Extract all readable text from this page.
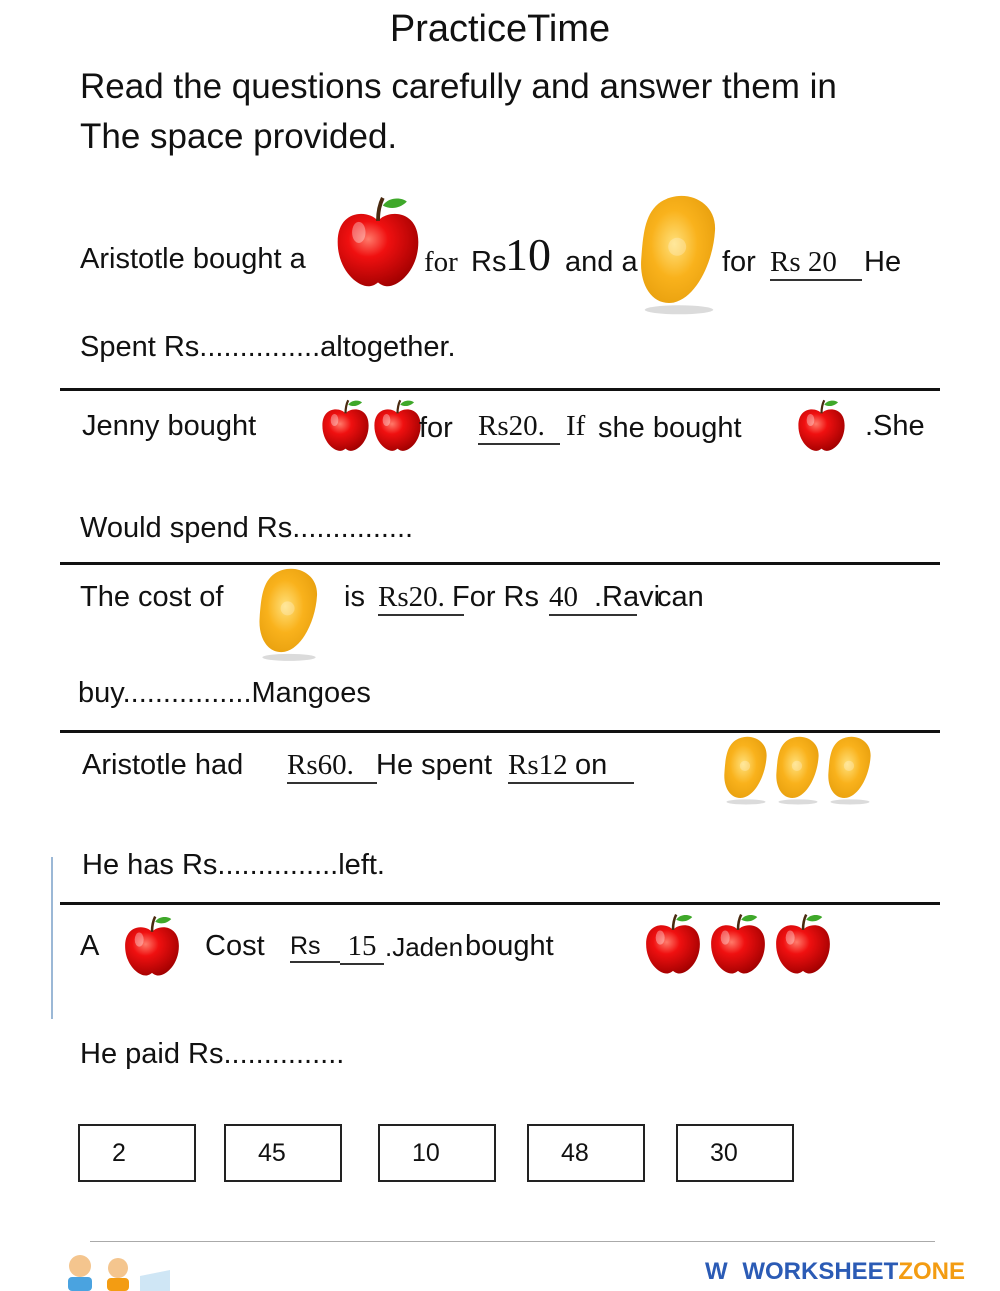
PracticeTime
Read the questions carefully and answer them in
The space provided.
Aristotle bought a	for Rs
10 and a	for Rs 20 He
Spent Rs...............altogether.
Jenny bought	for Rs20. If she bought	.She
Would spend Rs...............
The cost of	is Rs20. For Rs 40 .Ravi
can
buy................Mangoes
Aristotle had Rs60. He spent Rs12 on
He has Rs...............left.
A	Cost Rs 15 .Jaden bought
He paid Rs...............
2	45	10	48	30
W WORKSHEETZONE
